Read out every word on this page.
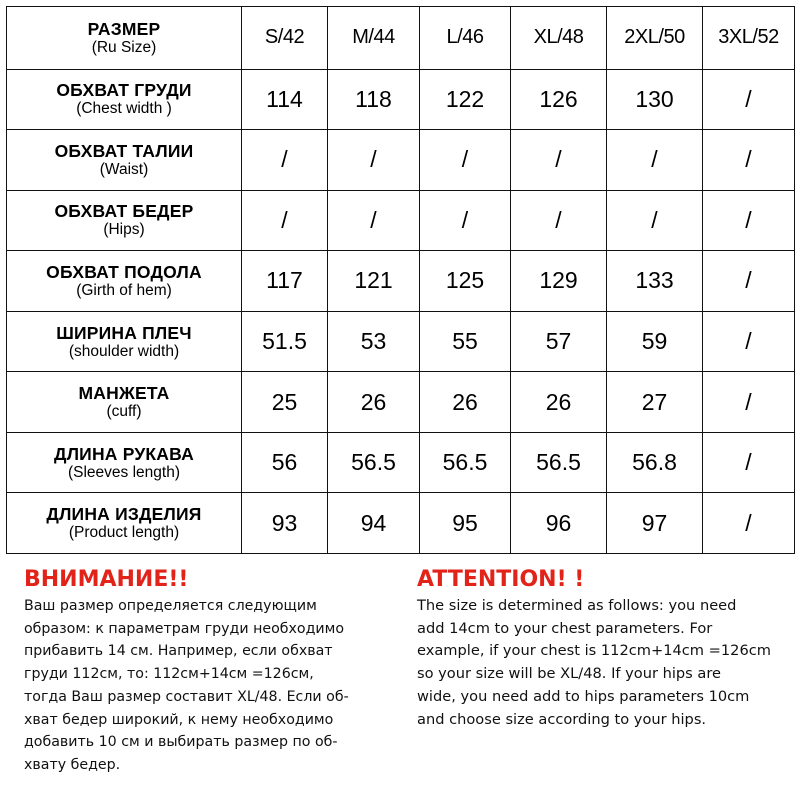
РАЗМЕР
(Ru Size)	S/42	M/44	L/46	XL/48	2XL/50	3XL/52

ОБХВАТ ГРУДИ
(Chest width )	114	118	122	126	130	/

ОБХВАТ ТАЛИИ
(Waist)	/	/	/	/	/	/

ОБХВАТ БЕДЕР
(Hips)	/	/	/	/	/	/

ОБХВАТ ПОДОЛА
(Girth of hem)	117	121	125	129	133	/

ШИРИНА ПЛЕЧ
(shoulder width)	51.5	53	55	57	59	/

МАНЖЕТА
(cuff)	25	26	26	26	27	/

ДЛИНА РУКАВА
(Sleeves length)	56	56.5	56.5	56.5	56.8	/

ДЛИНА ИЗДЕЛИЯ
(Product length)	93	94	95	96	97	/
ВНИМАНИЕ!!
Ваш размер определяется следующим
образом: к параметрам груди необходимо
прибавить 14 см. Например, если обхват
груди 112см, то: 112см+14см =126см,
тогда Ваш размер составит XL/48. Если об-
хват бедер широкий, к нему необходимо
добавить 10 см и выбирать размер по об-
хвату бедер.
ATTENTION! !
The size is determined as follows: you need
add 14cm to your chest parameters. For
example, if your chest is 112cm+14cm =126cm
so your size will be XL/48. If your hips are
wide, you need add to hips parameters 10cm
and choose size according to your hips.
